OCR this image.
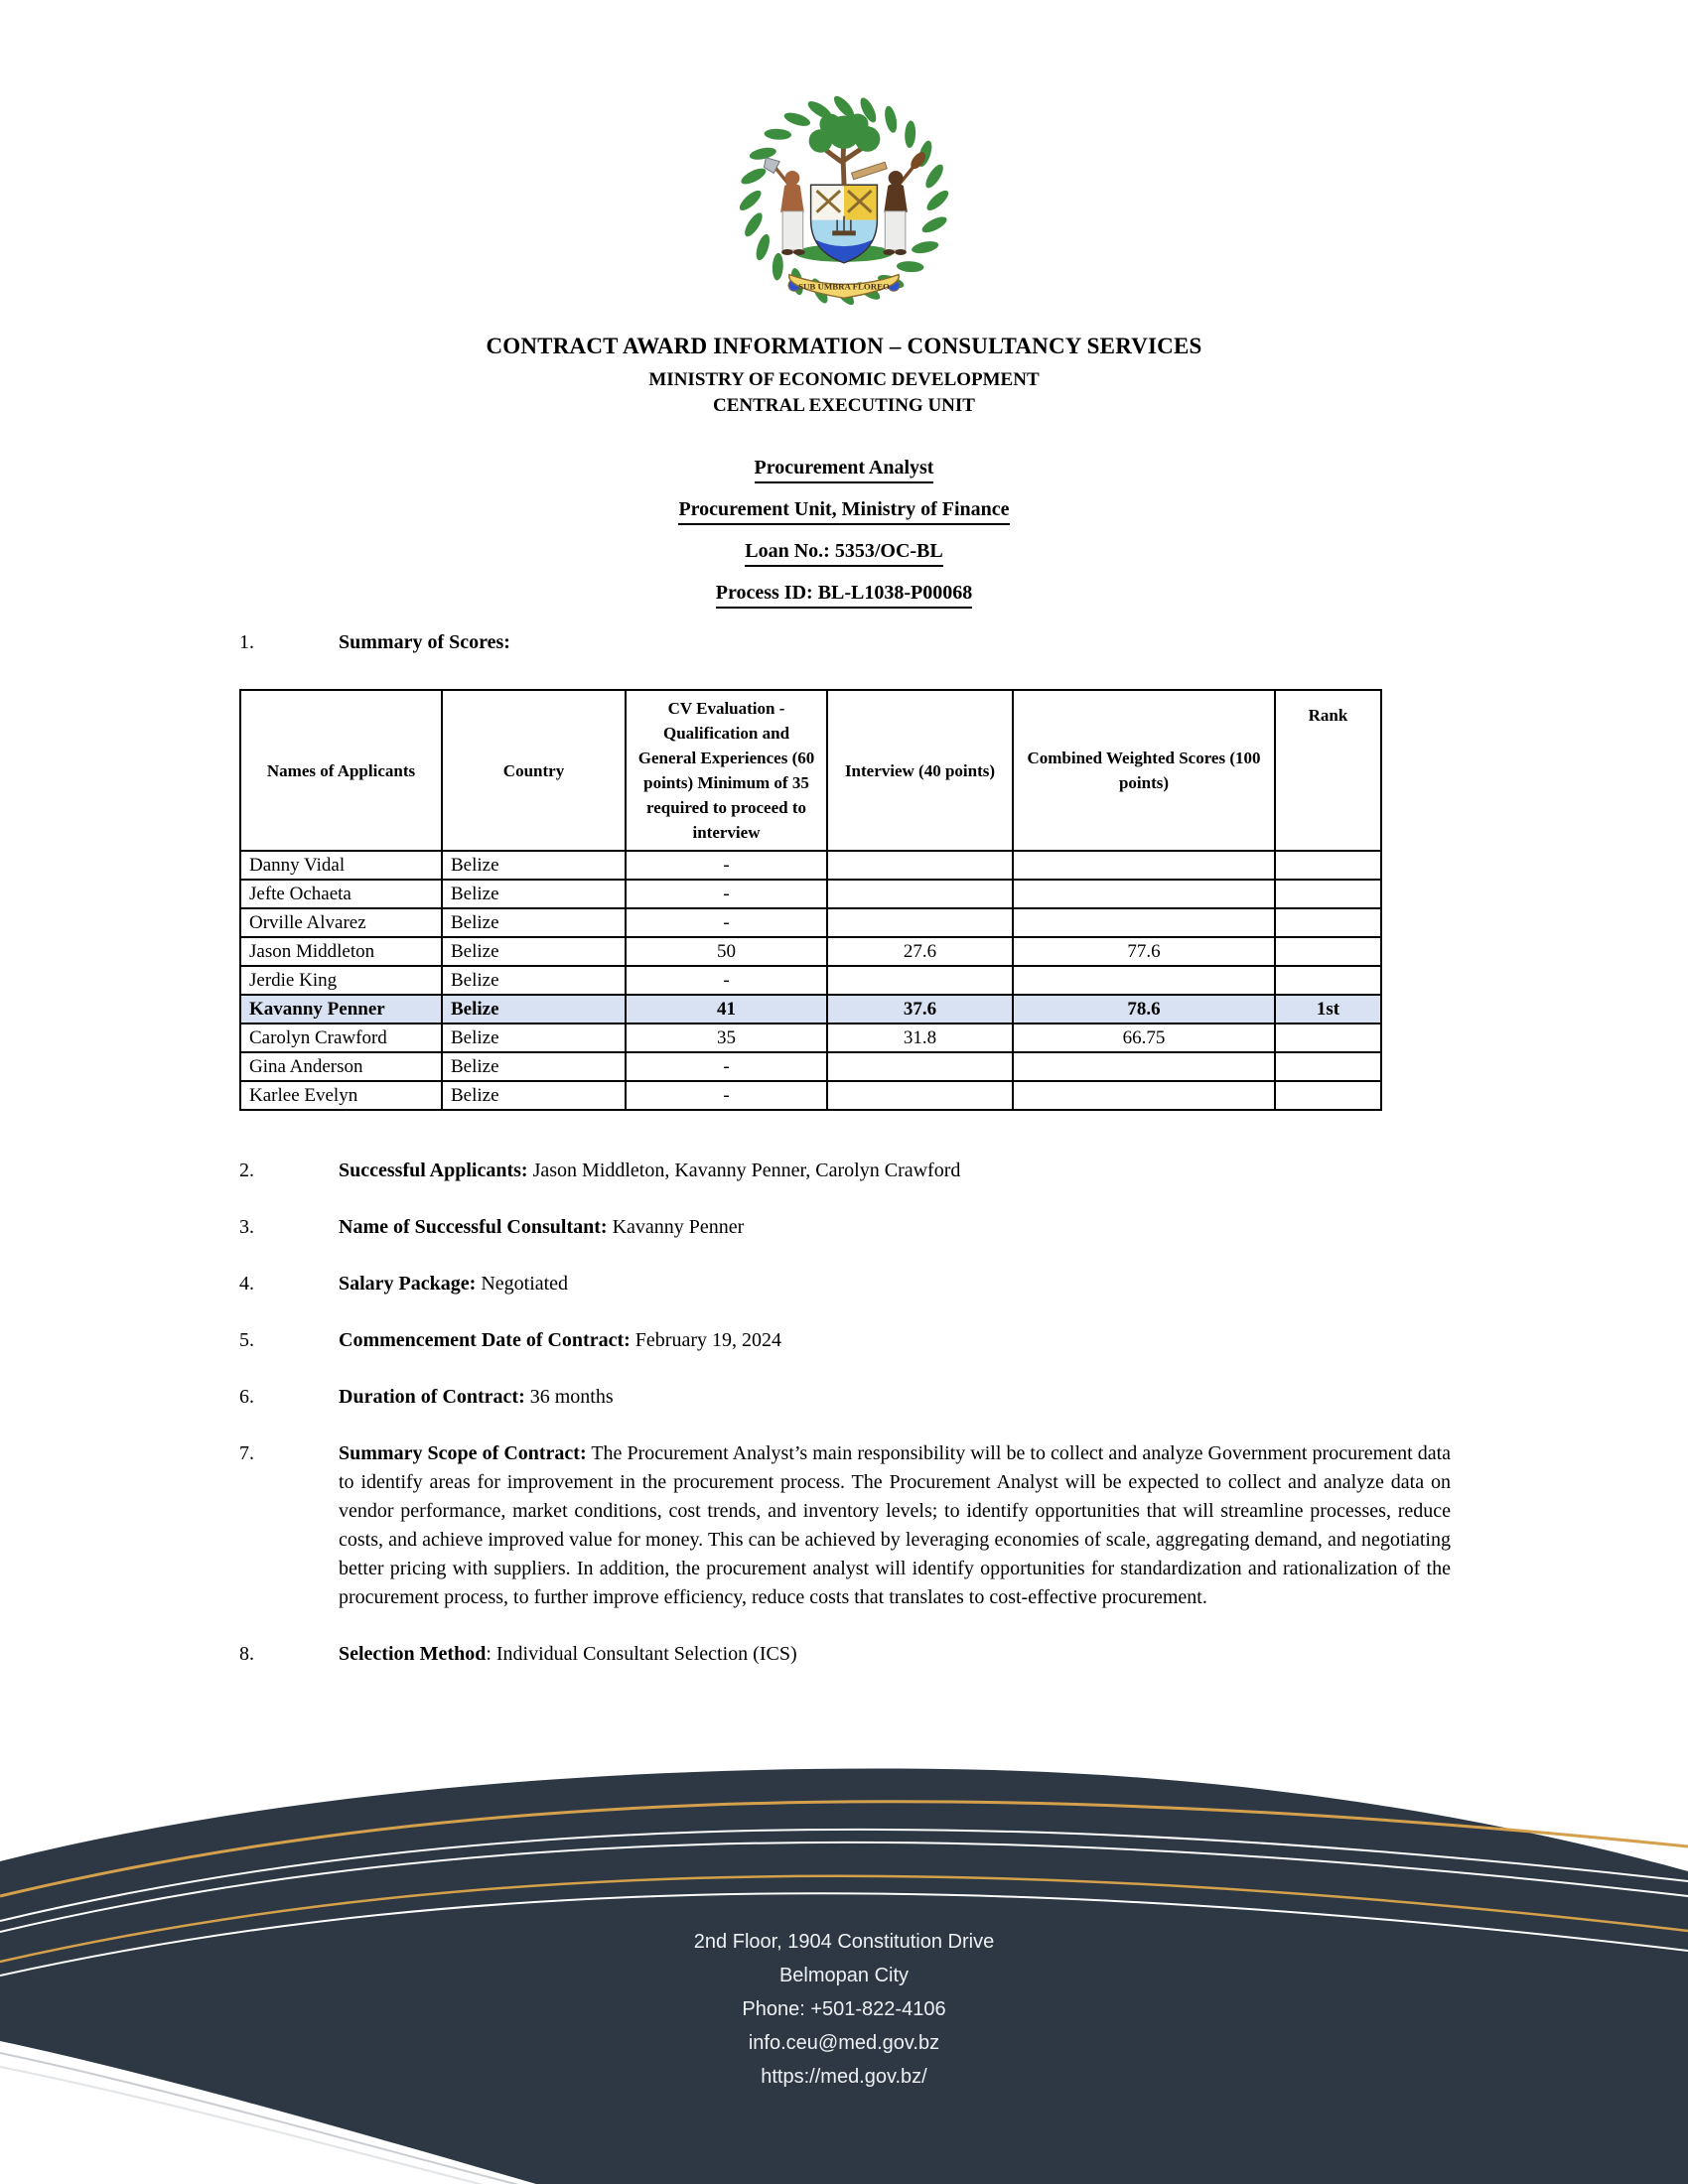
SUB UMBRA FLOREO
CONTRACT AWARD INFORMATION – CONSULTANCY SERVICES
MINISTRY OF ECONOMIC DEVELOPMENT
CENTRAL EXECUTING UNIT
Procurement Analyst
Procurement Unit, Ministry of Finance
Loan No.: 5353/OC-BL
Process ID: BL-L1038-P00068
1.	Summary of Scores:
Names of Applicants	Country	CV Evaluation - Qualification and General Experiences (60 points) Minimum of 35 required to proceed to interview	Interview (40 points)	Combined Weighted Scores (100 points)	Rank
Danny Vidal	Belize	-			
Jefte Ochaeta	Belize	-			
Orville Alvarez	Belize	-			
Jason Middleton	Belize	50	27.6	77.6	
Jerdie King	Belize	-			
Kavanny Penner	Belize	41	37.6	78.6	1st
Carolyn Crawford	Belize	35	31.8	66.75	
Gina Anderson	Belize	-			
Karlee Evelyn	Belize	-			
2.	Successful Applicants: Jason Middleton, Kavanny Penner, Carolyn Crawford
3.	Name of Successful Consultant: Kavanny Penner
4.	Salary Package: Negotiated
5.	Commencement Date of Contract: February 19, 2024
6.	Duration of Contract: 36 months
7.	Summary Scope of Contract: The Procurement Analyst’s main responsibility will be to collect and analyze Government procurement data to identify areas for improvement in the procurement process. The Procurement Analyst will be expected to collect and analyze data on vendor performance, market conditions, cost trends, and inventory levels; to identify opportunities that will streamline processes, reduce costs, and achieve improved value for money. This can be achieved by leveraging economies of scale, aggregating demand, and negotiating better pricing with suppliers. In addition, the procurement analyst will identify opportunities for standardization and rationalization of the procurement process, to further improve efficiency, reduce costs that translates to cost-effective procurement.
8.	Selection Method: Individual Consultant Selection (ICS)
2nd Floor, 1904 Constitution Drive
Belmopan City
Phone: +501-822-4106
info.ceu@med.gov.bz
https://med.gov.bz/
